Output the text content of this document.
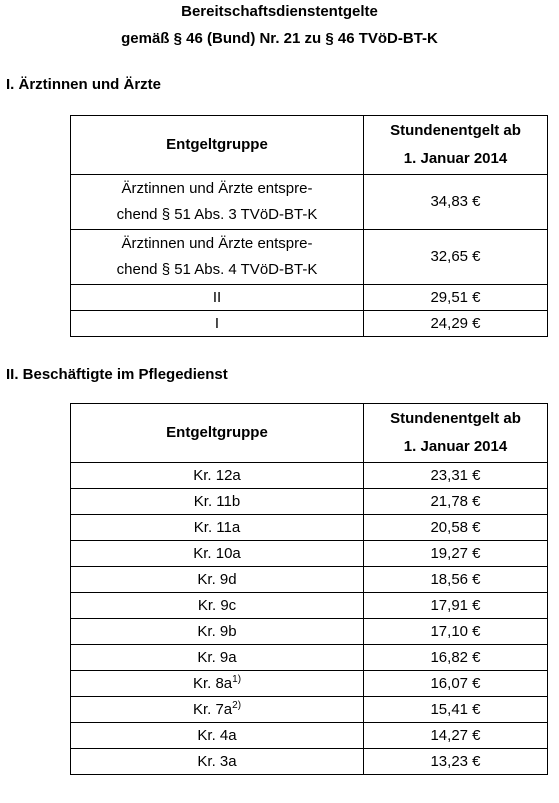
Bereitschaftsdienstentgelte
gemäß § 46 (Bund) Nr. 21 zu § 46 TVöD-BT-K
I. Ärztinnen und Ärzte
Entgeltgruppe	Stundenentgelt ab
1. Januar 2014
Ärztinnen und Ärzte entspre-
chend § 51 Abs. 3 TVöD-BT-K	34,83 €
Ärztinnen und Ärzte entspre-
chend § 51 Abs. 4 TVöD-BT-K	32,65 €
II	29,51 €
I	24,29 €
II. Beschäftigte im Pflegedienst
Entgeltgruppe	Stundenentgelt ab
1. Januar 2014
Kr. 12a	23,31 €
Kr. 11b	21,78 €
Kr. 11a	20,58 €
Kr. 10a	19,27 €
Kr. 9d	18,56 €
Kr. 9c	17,91 €
Kr. 9b	17,10 €
Kr. 9a	16,82 €
Kr. $8a^{1)}$	16,07 €
Kr. $7a^{2)}$	15,41 €
Kr. 4a	14,27 €
Kr. 3a	13,23 €
